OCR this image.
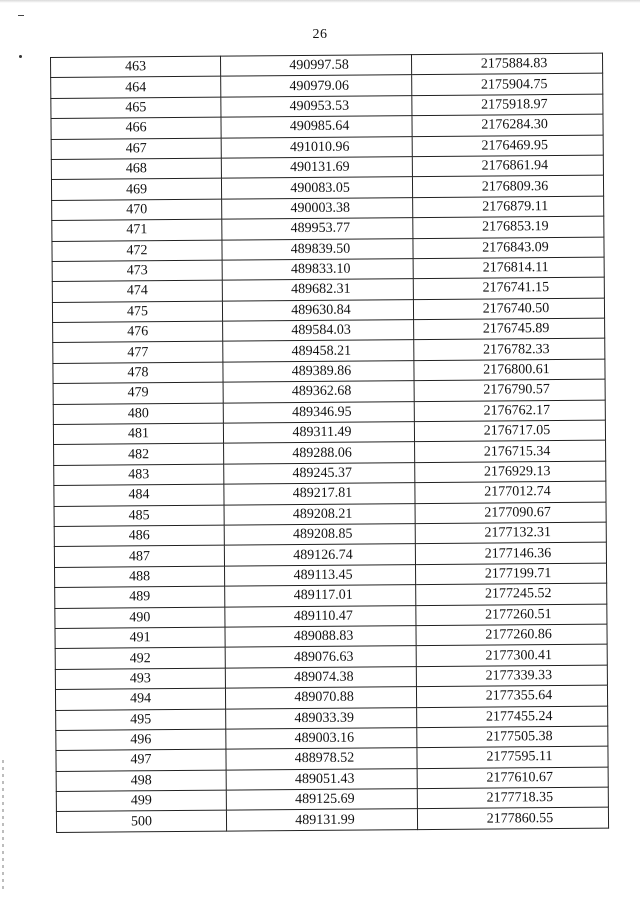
26
463	490997.58	2175884.83
464	490979.06	2175904.75
465	490953.53	2175918.97
466	490985.64	2176284.30
467	491010.96	2176469.95
468	490131.69	2176861.94
469	490083.05	2176809.36
470	490003.38	2176879.11
471	489953.77	2176853.19
472	489839.50	2176843.09
473	489833.10	2176814.11
474	489682.31	2176741.15
475	489630.84	2176740.50
476	489584.03	2176745.89
477	489458.21	2176782.33
478	489389.86	2176800.61
479	489362.68	2176790.57
480	489346.95	2176762.17
481	489311.49	2176717.05
482	489288.06	2176715.34
483	489245.37	2176929.13
484	489217.81	2177012.74
485	489208.21	2177090.67
486	489208.85	2177132.31
487	489126.74	2177146.36
488	489113.45	2177199.71
489	489117.01	2177245.52
490	489110.47	2177260.51
491	489088.83	2177260.86
492	489076.63	2177300.41
493	489074.38	2177339.33
494	489070.88	2177355.64
495	489033.39	2177455.24
496	489003.16	2177505.38
497	488978.52	2177595.11
498	489051.43	2177610.67
499	489125.69	2177718.35
500	489131.99	2177860.55
